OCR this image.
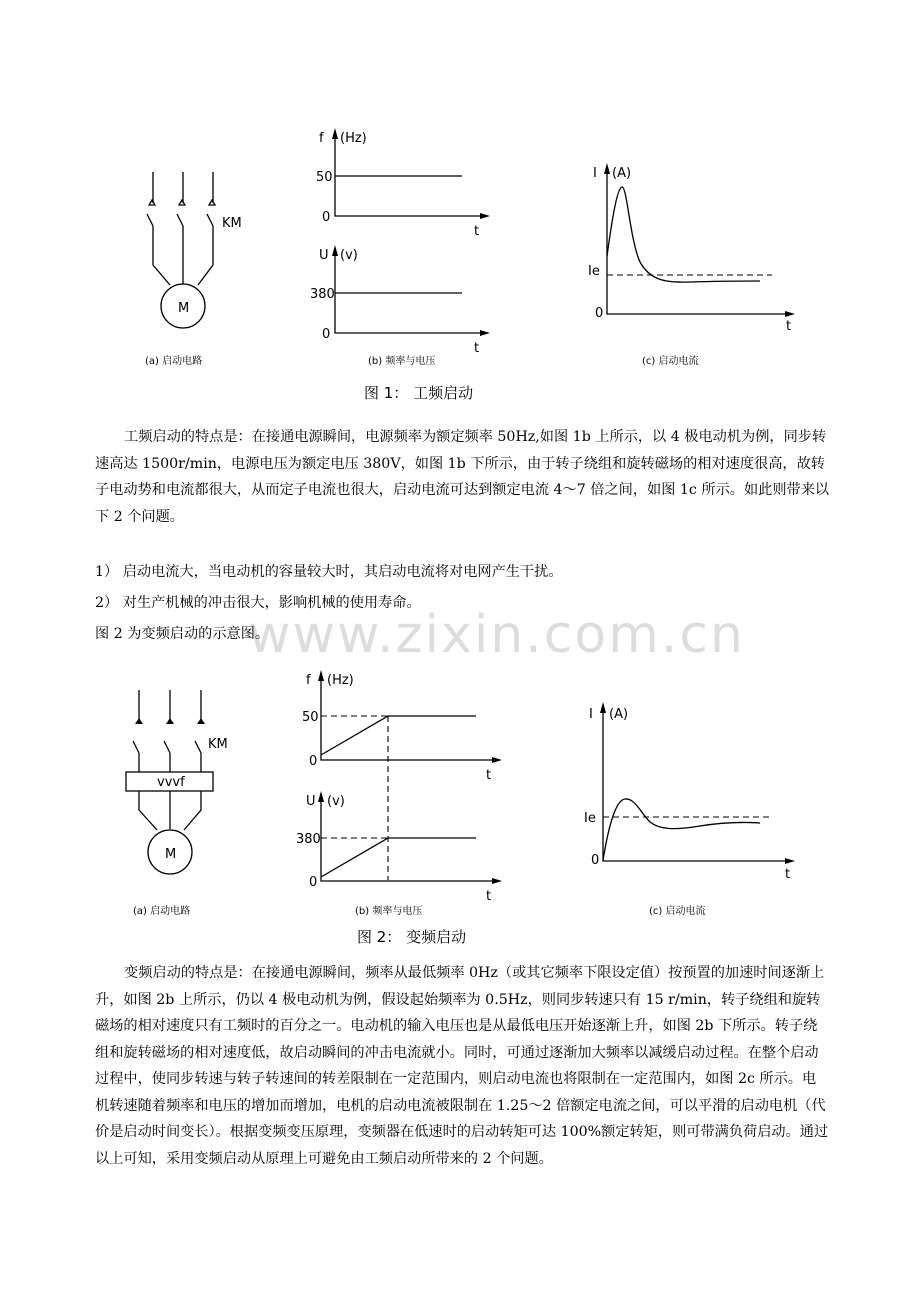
M
KM
(a) 启动电路
f (Hz)
50
0
t
U (v)
380
0
t
(b) 频率与电压
I (A)
Ie
0
t
(c) 启动电流
图 1： 工频启动

工频启动的特点是：在接通电源瞬间，电源频率为额定频率 50Hz,如图 1b 上所示，以 4 极电动机为例，同步转速高达 1500r/min，电源电压为额定电压 380V，如图 1b 下所示，由于转子绕组和旋转磁场的相对速度很高，故转子电动势和电流都很大，从而定子电流也很大，启动电流可达到额定电流 4～7 倍之间，如图 1c 所示。如此则带来以下 2 个问题。

1） 启动电流大，当电动机的容量较大时，其启动电流将对电网产生干扰。

2） 对生产机械的冲击很大，影响机械的使用寿命。

图 2 为变频启动的示意图。

www.zixin.com.cn
vvvf
M
KM
(a) 启动电路
f (Hz)
50
0
t
U (v)
380
0
t
(b) 频率与电压
I (A)
Ie
0
t
(c) 启动电流
图 2： 变频启动

变频启动的特点是：在接通电源瞬间，频率从最低频率 0Hz（或其它频率下限设定值）按预置的加速时间逐渐上升，如图 2b 上所示，仍以 4 极电动机为例，假设起始频率为 0.5Hz，则同步转速只有 15 r/min，转子绕组和旋转磁场的相对速度只有工频时的百分之一。电动机的输入电压也是从最低电压开始逐渐上升，如图 2b 下所示。转子绕组和旋转磁场的相对速度低，故启动瞬间的冲击电流就小。同时，可通过逐渐加大频率以减缓启动过程。在整个启动过程中，使同步转速与转子转速间的转差限制在一定范围内，则启动电流也将限制在一定范围内，如图 2c 所示。电机转速随着频率和电压的增加而增加，电机的启动电流被限制在 1.25～2 倍额定电流之间，可以平滑的启动电机（代价是启动时间变长）。根据变频变压原理，变频器在低速时的启动转矩可达 100%额定转矩，则可带满负荷启动。通过以上可知，采用变频启动从原理上可避免由工频启动所带来的 2 个问题。
